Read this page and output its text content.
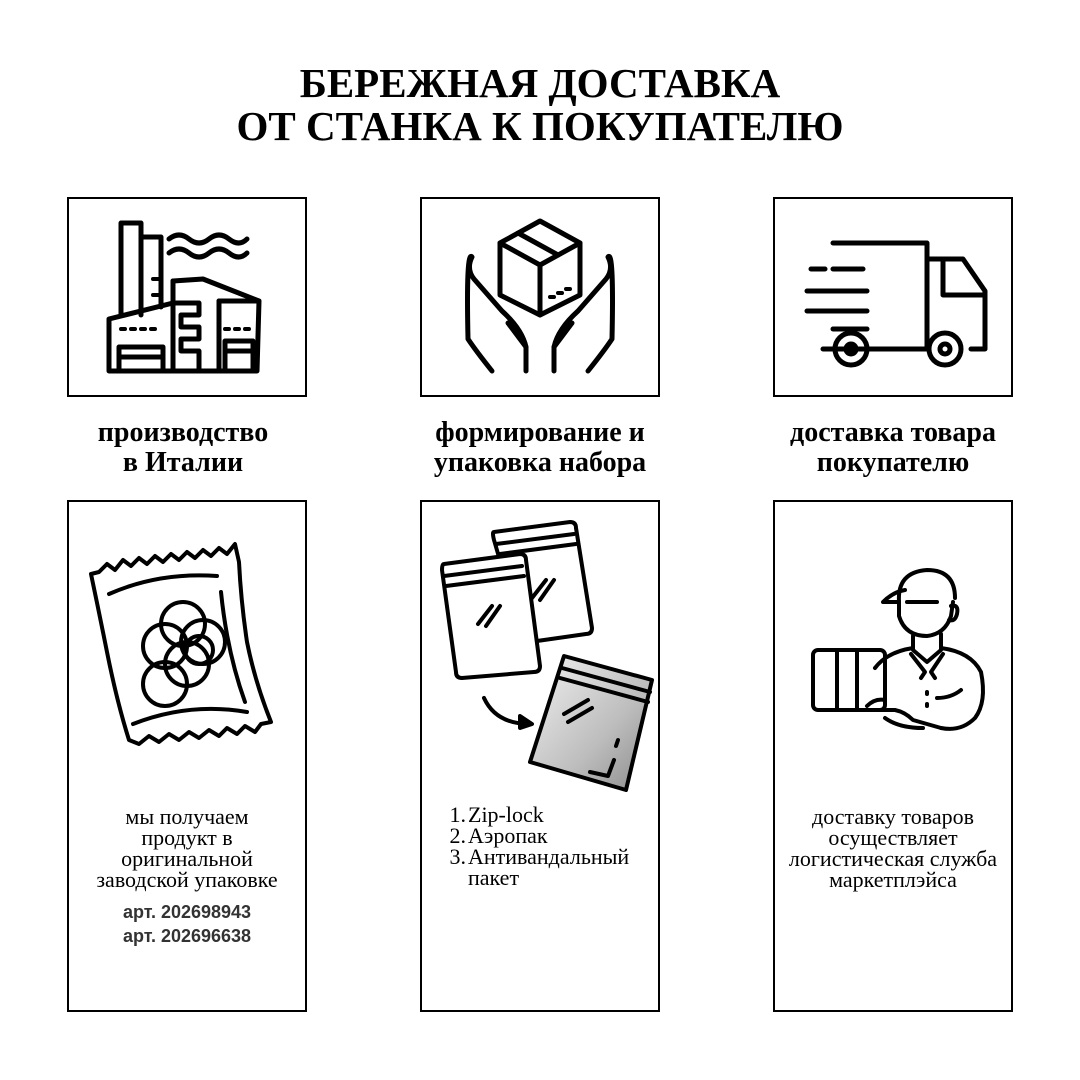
БЕРЕЖНАЯ ДОСТАВКА
ОТ СТАНКА К ПОКУПАТЕЛЮ
производство
в Италии
формирование и
упаковка набора
доставка товара
покупателю
мы получаем
продукт в
оригинальной
заводской упаковке
арт. 202698943
арт. 202696638
1. Zip-lock
2. Аэропак
3. Антивандальный
пакет
доставку товаров
осуществляет
логистическая служба
маркетплэйса
